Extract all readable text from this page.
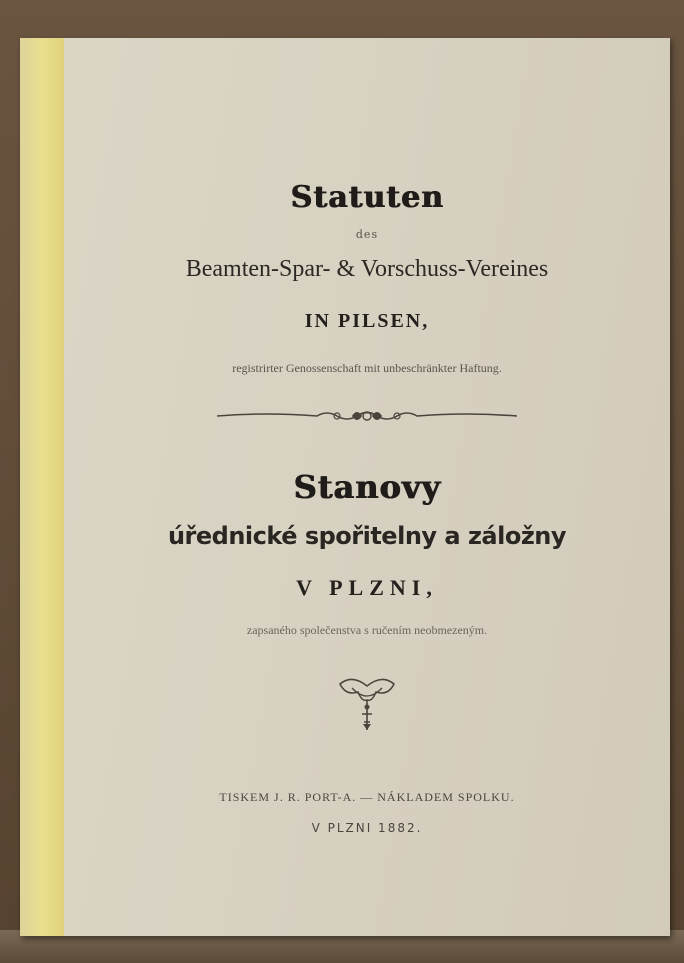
Statuten
des
Beamten-Spar- & Vorschuss-Vereines
IN PILSEN,
registrirter Genossenschaft mit unbeschränkter Haftung.
Stanovy
úřednické spořitelny a záložny
V PLZNI,
zapsaného společenstva s ručením neobmezeným.
TISKEM J. R. PORT-A. — NÁKLADEM SPOLKU.
V PLZNI 1882.
